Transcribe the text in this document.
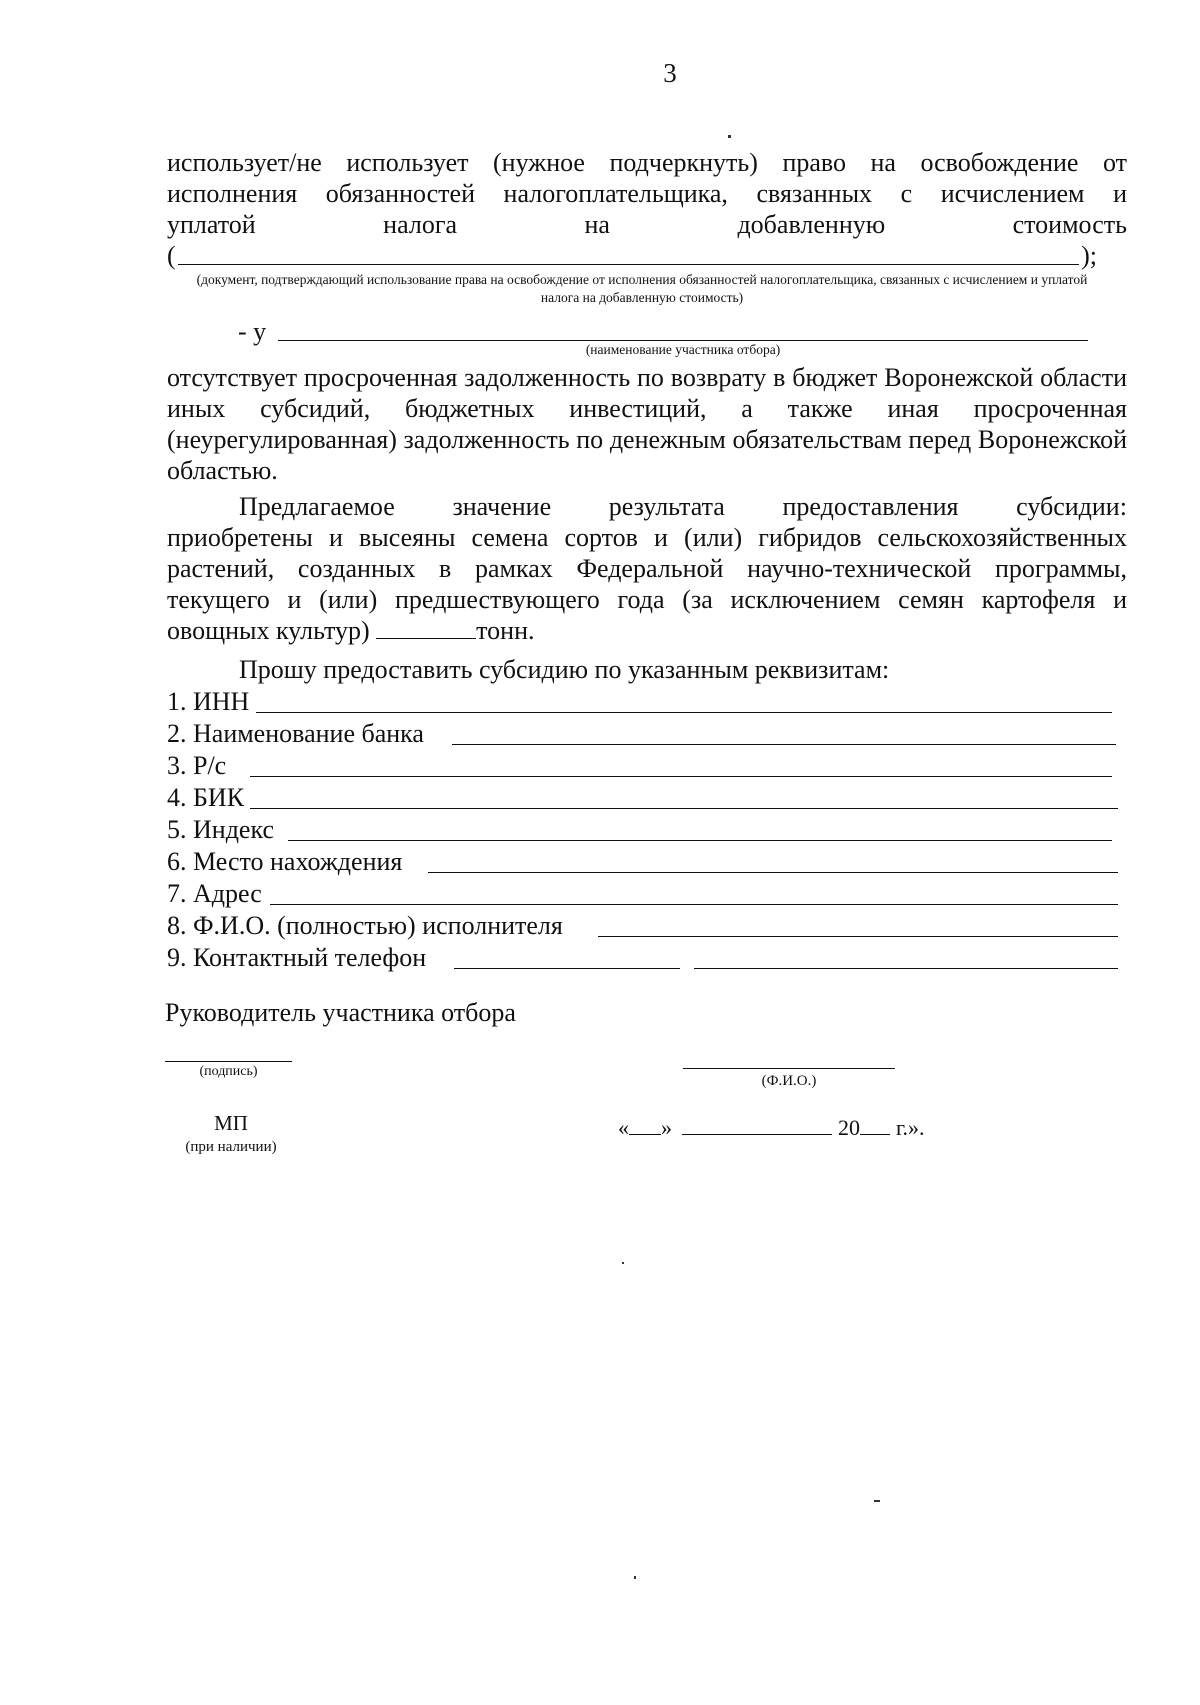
3
использует/не использует (нужное подчеркнуть) право на освобождение от
исполнения обязанностей налогоплательщика, связанных с исчислением и
уплатой	налога	на	добавленную	стоимость
(	);
(документ, подтверждающий использование права на освобождение от исполнения обязанностей налогоплательщика, связанных с исчислением и уплатой налога на добавленную стоимость)
- у
(наименование участника отбора)
отсутствует просроченная задолженность по возврату в бюджет Воронежской области иных субсидий, бюджетных инвестиций, а также иная просроченная (неурегулированная) задолженность по денежным обязательствам перед Воронежской областью.
Предлагаемое значение результата предоставления субсидии:
приобретены и высеяны семена сортов и (или) гибридов сельскохозяйственных растений, созданных в рамках Федеральной научно-технической программы, текущего и (или) предшествующего года (за исключением семян картофеля и овощных культур)	тонн.
Прошу предоставить субсидию по указанным реквизитам:
1. ИНН
2. Наименование банка
3. Р/с
4. БИК
5. Индекс
6. Место нахождения
7. Адрес
8. Ф.И.О. (полностью) исполнителя
9. Контактный телефон
Руководитель участника отбора
(подпись)
(Ф.И.О.)
МП
(при наличии)
« »	20 г.».
